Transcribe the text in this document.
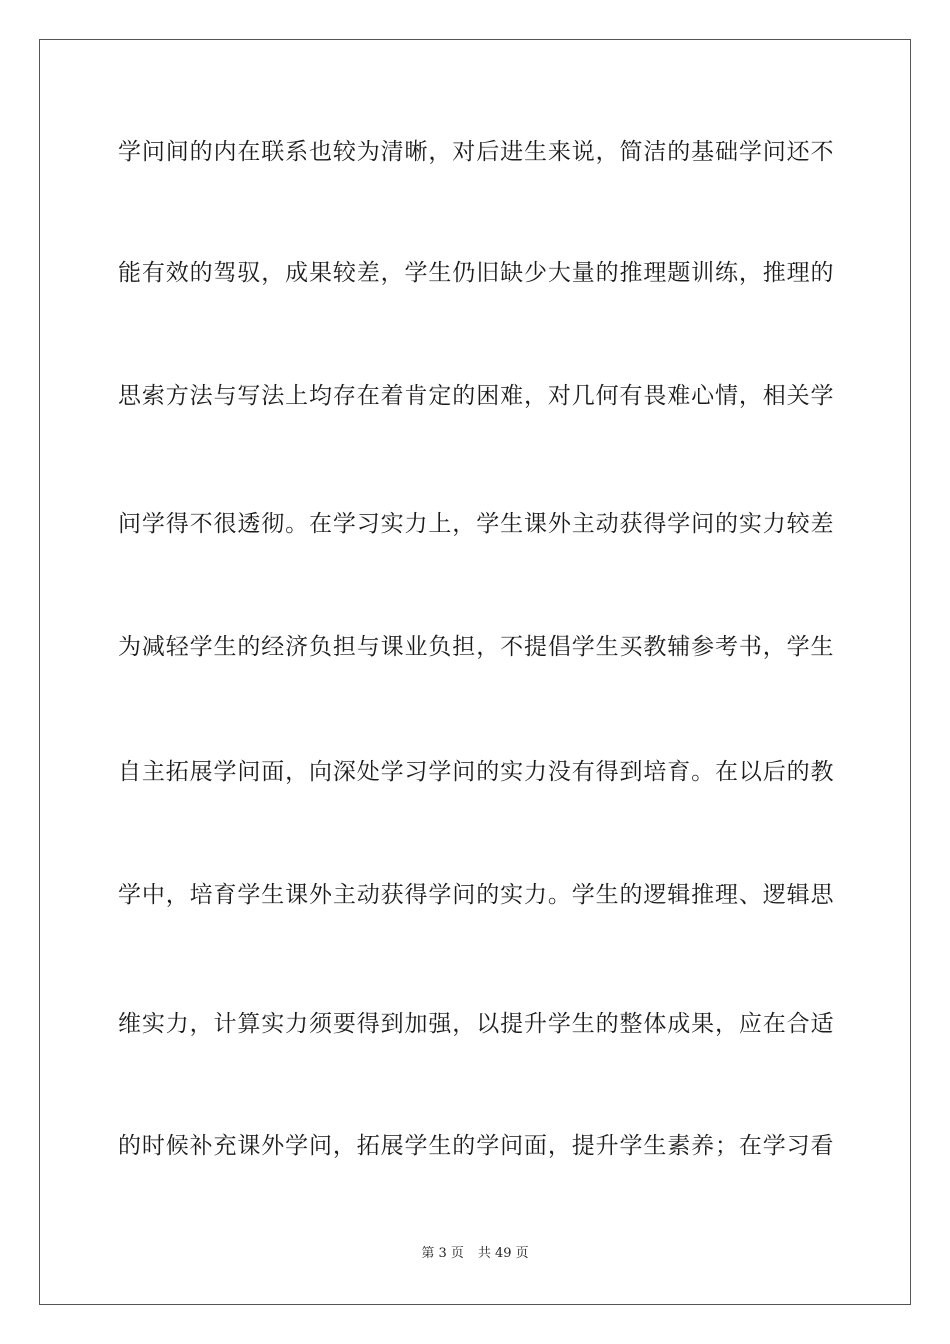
学问间的内在联系也较为清晰，对后进生来说，简洁的基础学问还不
能有效的驾驭，成果较差，学生仍旧缺少大量的推理题训练，推理的
思索方法与写法上均存在着肯定的困难，对几何有畏难心情，相关学
问学得不很透彻。在学习实力上，学生课外主动获得学问的实力较差
为减轻学生的经济负担与课业负担，不提倡学生买教辅参考书，学生
自主拓展学问面，向深处学习学问的实力没有得到培育。在以后的教
学中，培育学生课外主动获得学问的实力。学生的逻辑推理、逻辑思
维实力，计算实力须要得到加强，以提升学生的整体成果，应在合适
的时候补充课外学问，拓展学生的学问面，提升学生素养；在学习看
第 3 页 共 49 页
